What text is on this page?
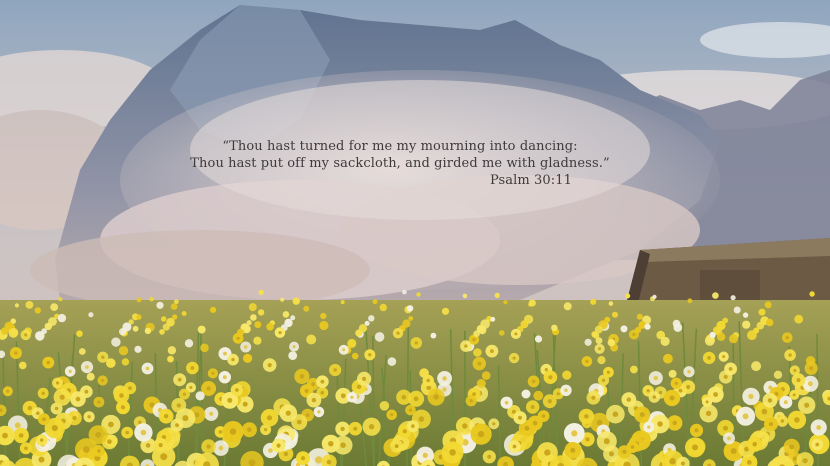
“Thou hast turned for me my mourning into dancing:
Thou hast put off my sackcloth, and girded me with gladness.”
Psalm 30:11
